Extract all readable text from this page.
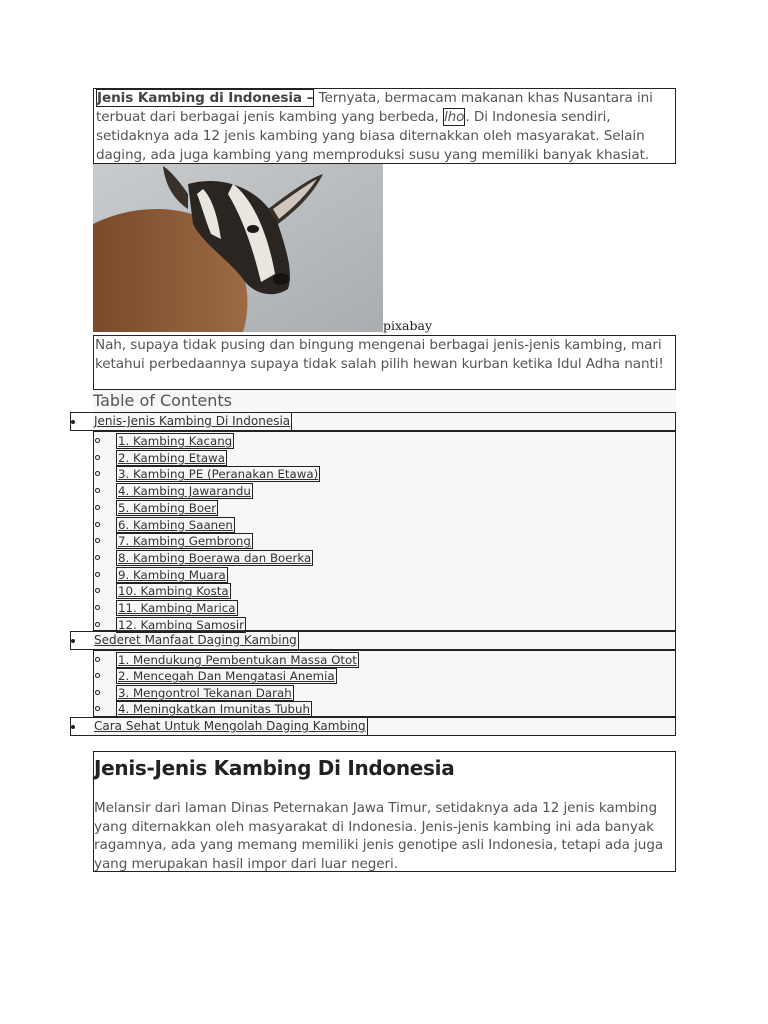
Jenis Kambing di Indonesia – Ternyata, bermacam makanan khas Nusantara ini terbuat dari berbagai jenis kambing yang berbeda, lho. Di Indonesia sendiri, setidaknya ada 12 jenis kambing yang biasa diternakkan oleh masyarakat. Selain daging, ada juga kambing yang memproduksi susu yang memiliki banyak khasiat.
pixabay
Nah, supaya tidak pusing dan bingung mengenai berbagai jenis-jenis kambing, mari ketahui perbedaannya supaya tidak salah pilih hewan kurban ketika Idul Adha nanti!
Table of Contents
Jenis-Jenis Kambing Di Indonesia
1. Kambing Kacang
2. Kambing Etawa
3. Kambing PE (Peranakan Etawa)
4. Kambing Jawarandu
5. Kambing Boer
6. Kambing Saanen
7. Kambing Gembrong
8. Kambing Boerawa dan Boerka
9. Kambing Muara
10. Kambing Kosta
11. Kambing Marica
12. Kambing Samosir
Sederet Manfaat Daging Kambing
1. Mendukung Pembentukan Massa Otot
2. Mencegah Dan Mengatasi Anemia
3. Mengontrol Tekanan Darah
4. Meningkatkan Imunitas Tubuh
Cara Sehat Untuk Mengolah Daging Kambing
Jenis-Jenis Kambing Di Indonesia
Melansir dari laman Dinas Peternakan Jawa Timur, setidaknya ada 12 jenis kambing yang diternakkan oleh masyarakat di Indonesia. Jenis-jenis kambing ini ada banyak ragamnya, ada yang memang memiliki jenis genotipe asli Indonesia, tetapi ada juga yang merupakan hasil impor dari luar negeri.
